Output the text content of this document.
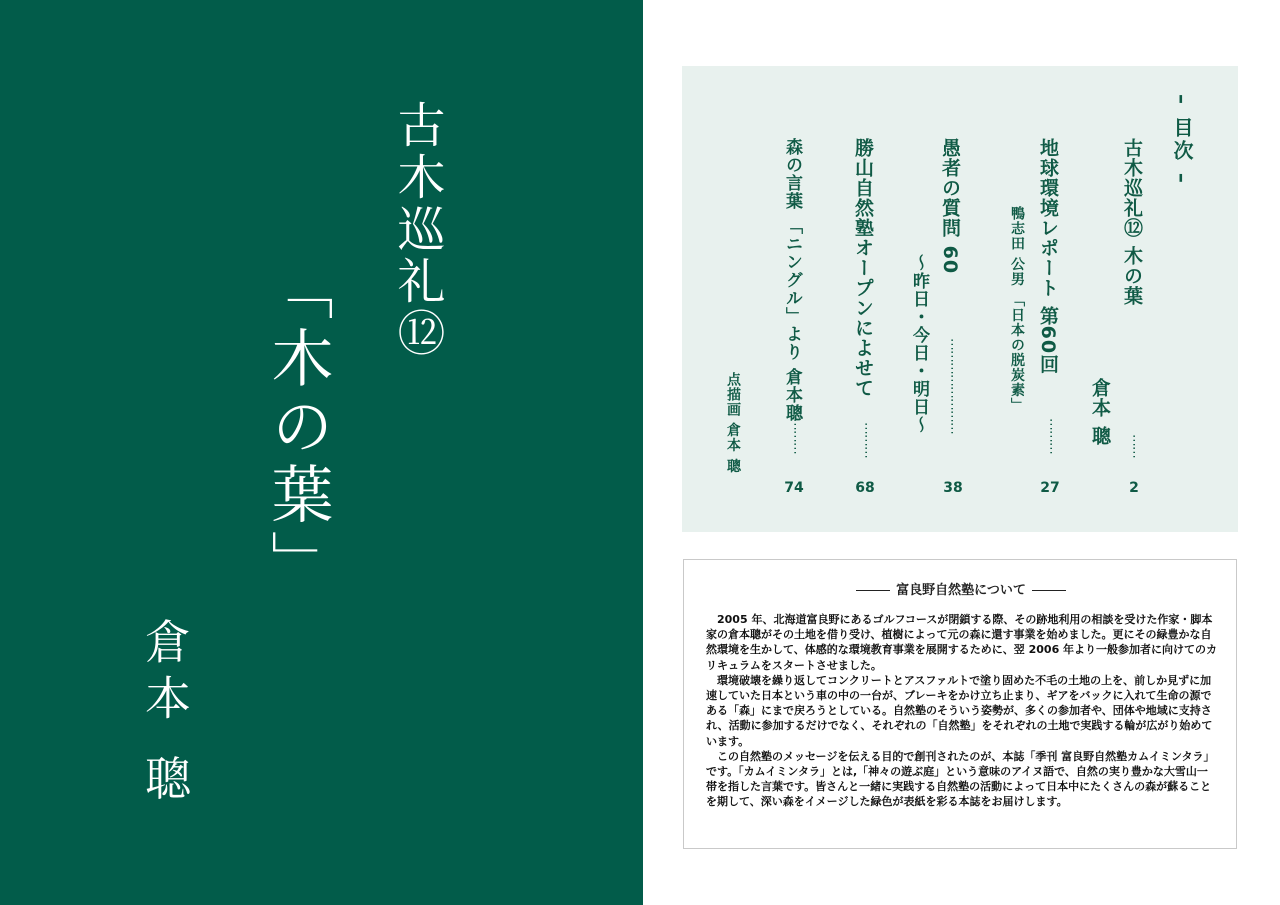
古木巡礼⑫
「木の葉」
倉本 聰
– 目次 –
古木巡礼⑫ 木の葉
倉本 聰
⋯⋯
2
地球環境レポート 第60回
鴨志田 公男 「日本の脱炭素」
⋯⋯⋯
27
愚者の質問 60
～昨日・今日・明日～ ⋯⋯⋯⋯⋯⋯⋯⋯
38
勝山自然塾オープンによせて
⋯⋯⋯
68
森の言葉 「ニングル」より 倉本聰
⋯⋯⋯
74
点描画 倉本 聰
富良野自然塾について

2005 年、北海道富良野にあるゴルフコースが閉鎖する際、その跡地利用の相談を受けた作家・脚本家の倉本聰がその土地を借り受け、植樹によって元の森に還す事業を始めました。更にその緑豊かな自然環境を生かして、体感的な環境教育事業を展開するために、翌 2006 年より一般参加者に向けてのカリキュラムをスタートさせました。

環境破壊を繰り返してコンクリートとアスファルトで塗り固めた不毛の土地の上を、前しか見ずに加速していた日本という車の中の一台が、ブレーキをかけ立ち止まり、ギアをバックに入れて生命の源である「森」にまで戻ろうとしている。自然塾のそういう姿勢が、多くの参加者や、団体や地域に支持され、活動に参加するだけでなく、それぞれの「自然塾」をそれぞれの土地で実践する輪が広がり始めています。

この自然塾のメッセージを伝える目的で創刊されたのが、本誌「季刊 富良野自然塾カムイミンタラ」です。「カムイミンタラ」とは,「神々の遊ぶ庭」という意味のアイヌ語で、自然の実り豊かな大雪山一帯を指した言葉です。皆さんと一緒に実践する自然塾の活動によって日本中にたくさんの森が蘇ることを期して、深い森をイメージした緑色が表紙を彩る本誌をお届けします。
